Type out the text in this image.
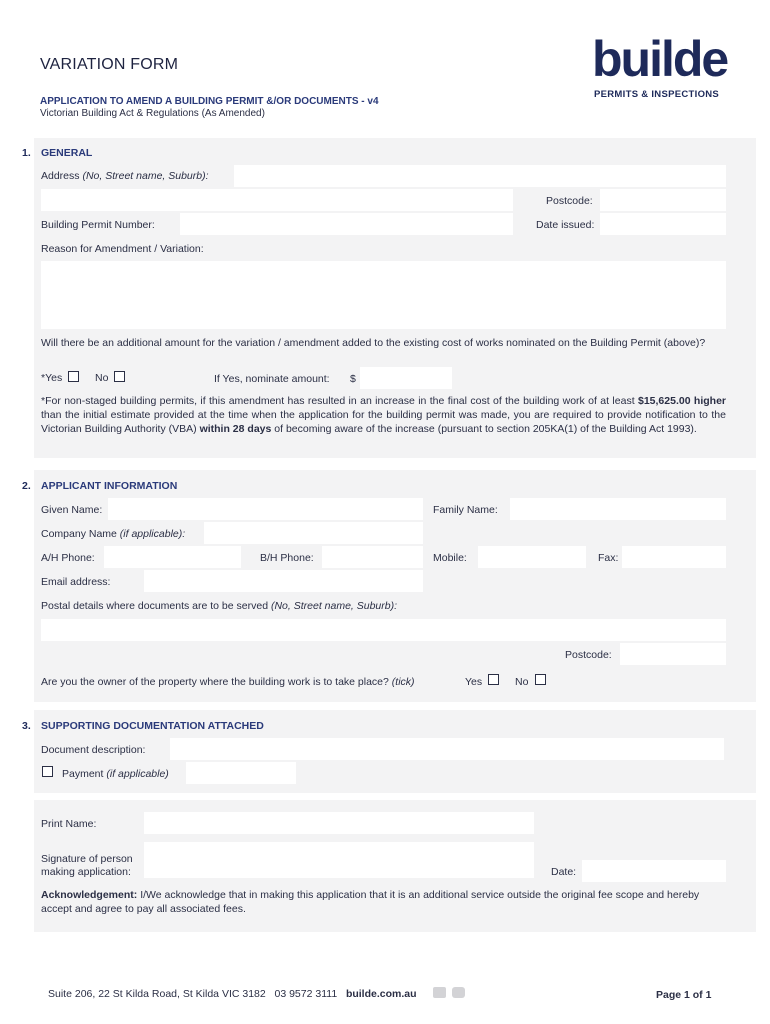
VARIATION FORM
APPLICATION TO AMEND A BUILDING PERMIT &/OR DOCUMENTS - v4
Victorian Building Act & Regulations (As Amended)
builde
PERMITS & INSPECTIONS
1. GENERAL
Address (No, Street name, Suburb):
Postcode:
Building Permit Number:	Date issued:
Reason for Amendment / Variation:
Will there be an additional amount for the variation / amendment added to the existing cost of works nominated on the Building Permit (above)?
*Yes	No	If Yes, nominate amount: $
*For non-staged building permits, if this amendment has resulted in an increase in the final cost of the building work of at least $15,625.00 higher than the initial estimate provided at the time when the application for the building permit was made, you are required to provide notification to the Victorian Building Authority (VBA) within 28 days of becoming aware of the increase (pursuant to section 205KA(1) of the Building Act 1993).
2. APPLICANT INFORMATION
Given Name:	Family Name:
Company Name (if applicable):
A/H Phone:	B/H Phone:	Mobile:	Fax:
Email address:
Postal details where documents are to be served (No, Street name, Suburb):
Postcode:
Are you the owner of the property where the building work is to take place? (tick)	Yes	No
3. SUPPORTING DOCUMENTATION ATTACHED
Document description:
Payment (if applicable)
Print Name:
Signature of person
making application:	Date:
Acknowledgement: I/We acknowledge that in making this application that it is an additional service outside the original fee scope and hereby accept and agree to pay all associated fees.
Suite 206, 22 St Kilda Road, St Kilda VIC 3182 03 9572 3111 builde.com.au	Page 1 of 1
